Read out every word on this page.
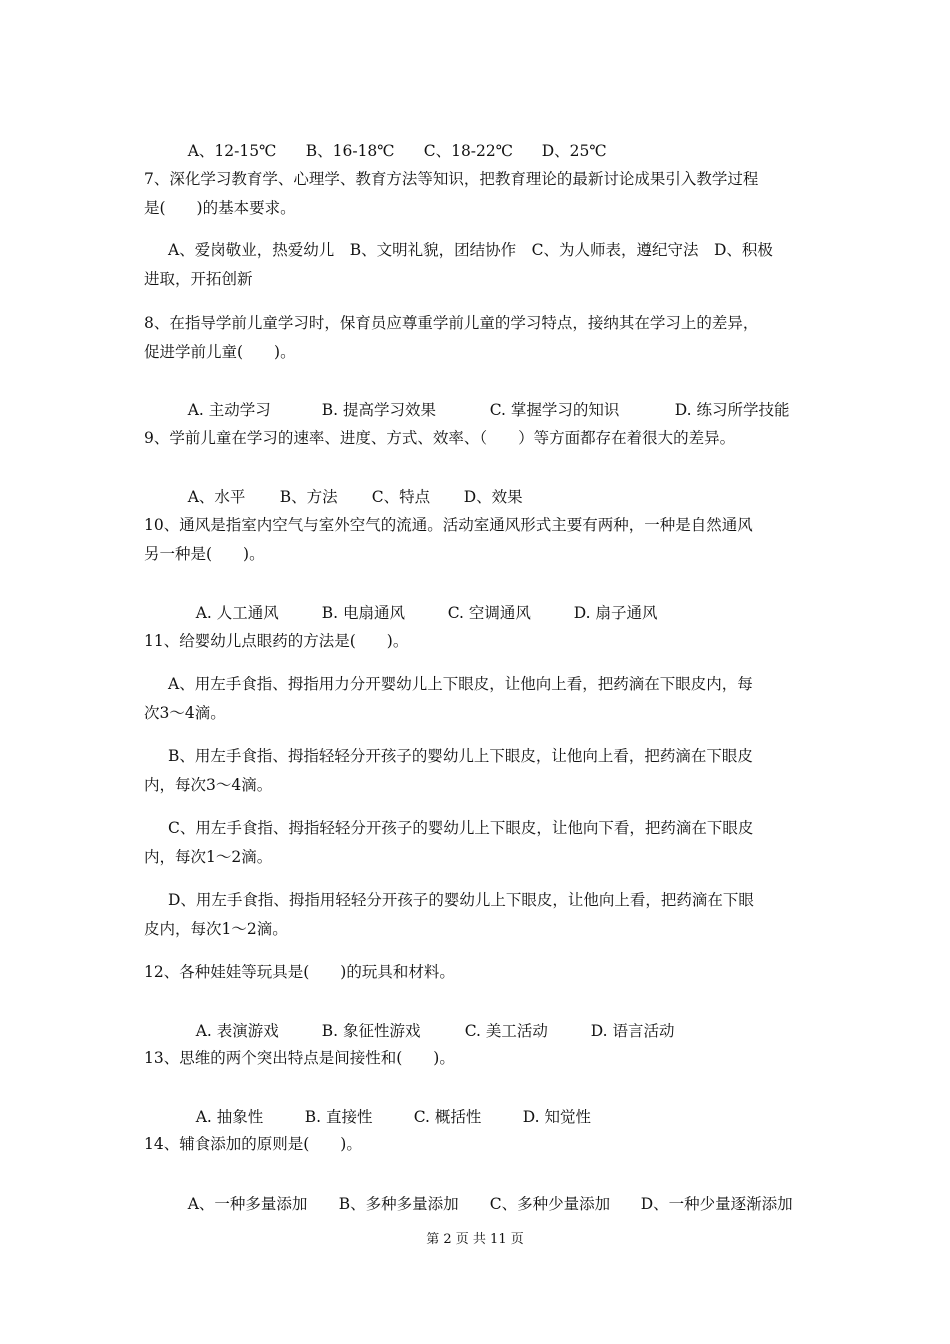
A、12-15℃ B、16-18℃ C、18-22℃ D、25℃

7、深化学习教育学、心理学、教育方法等知识，把教育理论的最新讨论成果引入教学过程
是(　　)的基本要求。
A、爱岗敬业，热爱幼儿　B、文明礼貌，团结协作　C、为人师表，遵纪守法　D、积极
进取，开拓创新
8、在指导学前儿童学习时，保育员应尊重学前儿童的学习特点，接纳其在学习上的差异，
促进学前儿童(　　)。

A. 主动学习	B. 提高学习效果	C. 掌握学习的知识	D. 练习所学技能

9、学前儿童在学习的速率、进度、方式、效率、（　　）等方面都存在着很大的差异。

A、水平 B、方法 C、特点 D、效果

10、通风是指室内空气与室外空气的流通。活动室通风形式主要有两种，一种是自然通风
另一种是(　　)。

A. 人工通风	B. 电扇通风	C. 空调通风	D. 扇子通风

11、给婴幼儿点眼药的方法是(　　)。
A、用左手食指、拇指用力分开婴幼儿上下眼皮，让他向上看，把药滴在下眼皮内，每
次3～4滴。
B、用左手食指、拇指轻轻分开孩子的婴幼儿上下眼皮，让他向上看，把药滴在下眼皮
内，每次3～4滴。
C、用左手食指、拇指轻轻分开孩子的婴幼儿上下眼皮，让他向下看，把药滴在下眼皮
内，每次1～2滴。
D、用左手食指、拇指用轻轻分开孩子的婴幼儿上下眼皮，让他向上看，把药滴在下眼
皮内，每次1～2滴。
12、各种娃娃等玩具是(　　)的玩具和材料。

A. 表演游戏	B. 象征性游戏	C. 美工活动	D. 语言活动

13、思维的两个突出特点是间接性和(　　)。

A. 抽象性	B. 直接性	C. 概括性	D. 知觉性

14、辅食添加的原则是(　　)。

A、一种多量添加 B、多种多量添加 C、多种少量添加 D、一种少量逐渐添加

第 2 页 共 11 页
